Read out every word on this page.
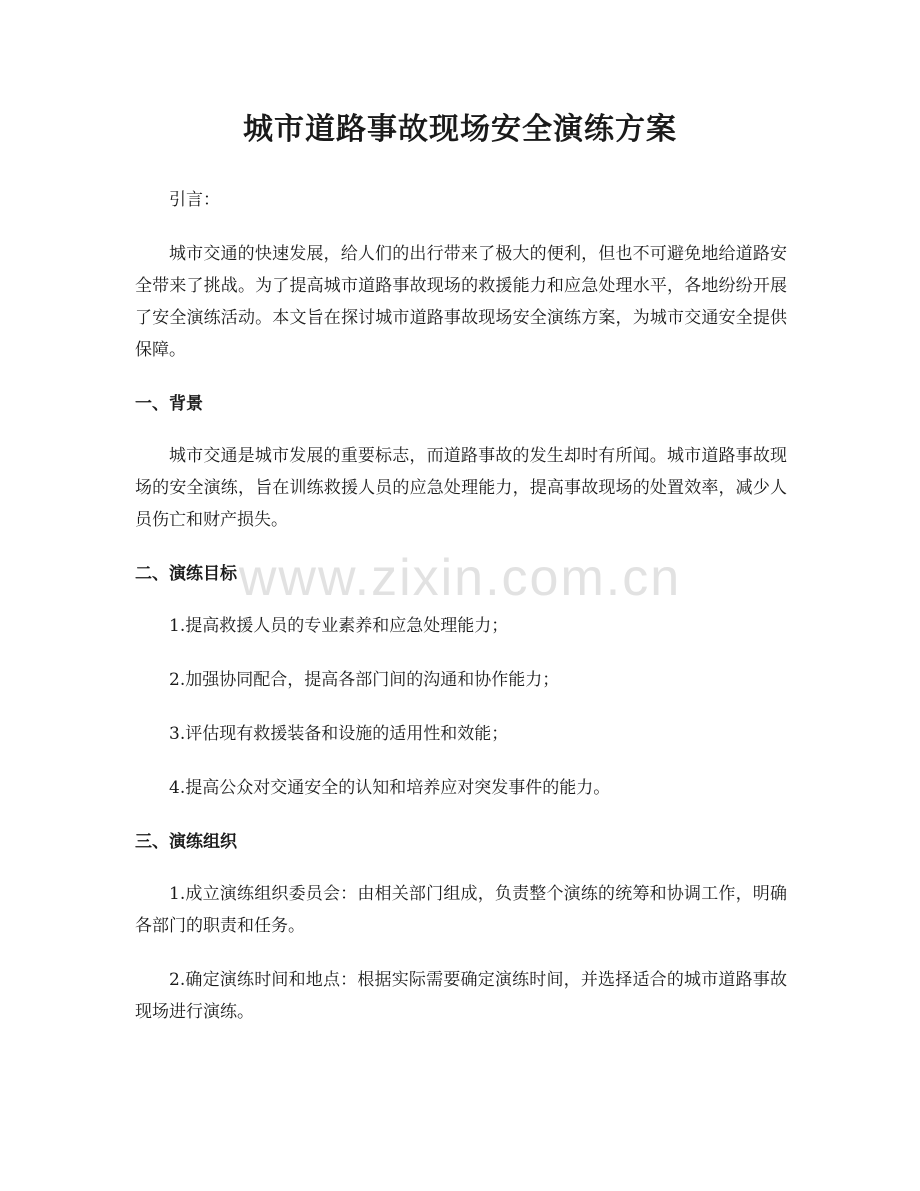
城市道路事故现场安全演练方案

引言：

城市交通的快速发展，给人们的出行带来了极大的便利，但也不可避免地给道路安全带来了挑战。为了提高城市道路事故现场的救援能力和应急处理水平，各地纷纷开展了安全演练活动。本文旨在探讨城市道路事故现场安全演练方案，为城市交通安全提供保障。

一、背景

城市交通是城市发展的重要标志，而道路事故的发生却时有所闻。城市道路事故现场的安全演练，旨在训练救援人员的应急处理能力，提高事故现场的处置效率，减少人员伤亡和财产损失。

二、演练目标

1.提高救援人员的专业素养和应急处理能力；

2.加强协同配合，提高各部门间的沟通和协作能力；

3.评估现有救援装备和设施的适用性和效能；

4.提高公众对交通安全的认知和培养应对突发事件的能力。

三、演练组织

1.成立演练组织委员会：由相关部门组成，负责整个演练的统筹和协调工作，明确各部门的职责和任务。

2.确定演练时间和地点：根据实际需要确定演练时间，并选择适合的城市道路事故现场进行演练。

www.zixin.com.cn
